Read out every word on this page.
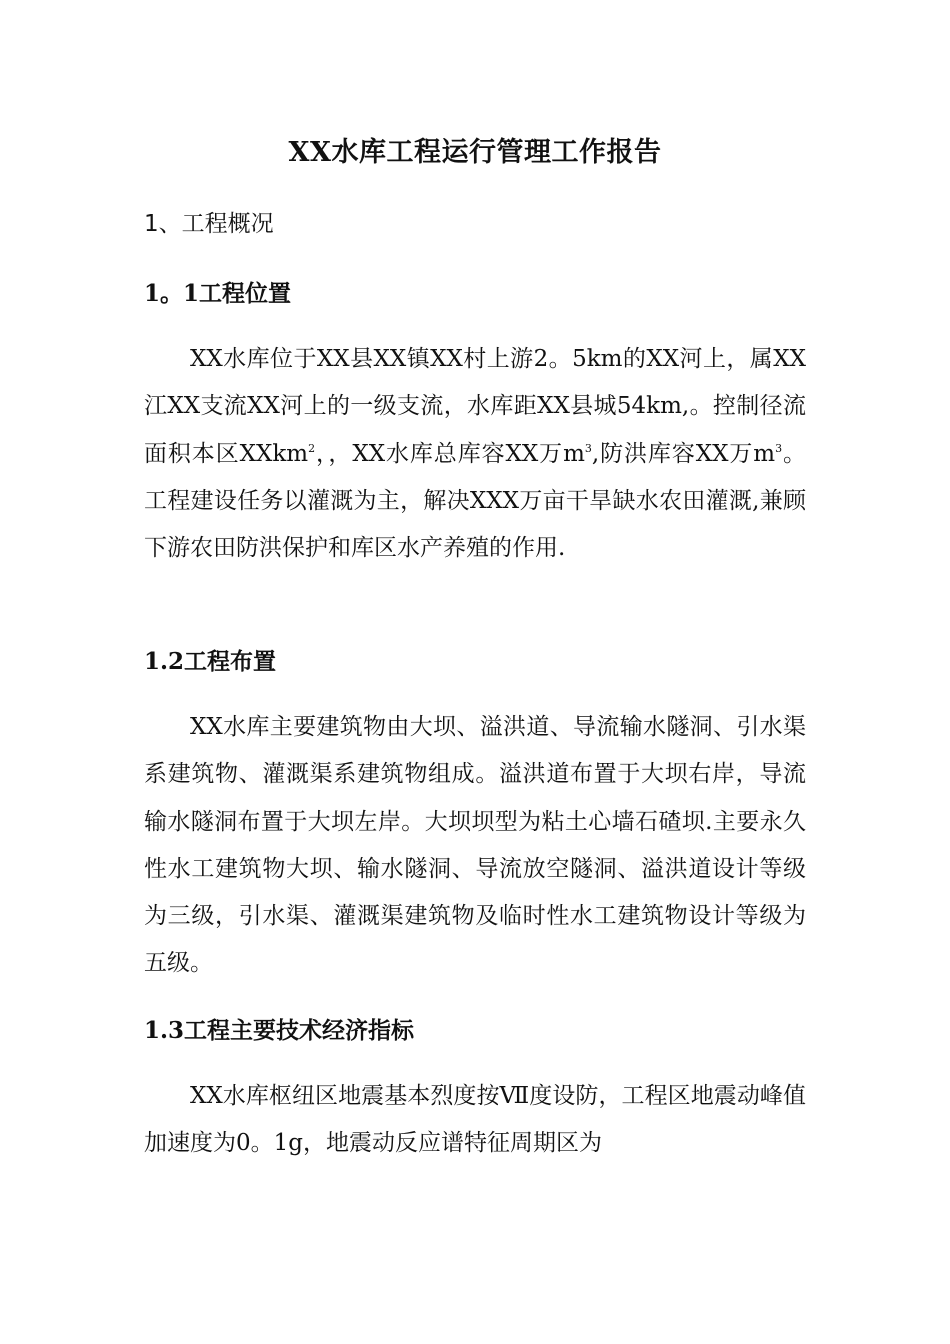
XX水库工程运行管理工作报告
1、工程概况
1。1工程位置

XX水库位于XX县XX镇XX村上游2。5km的XX河上，属XX江XX支流XX河上的一级支流，水库距XX县城54km,。控制径流面积本区XXkm$^2$，，XX水库总库容XX万$m^3$,防洪库容XX万$m^3$。工程建设任务以灌溉为主，解决XXX万亩干旱缺水农田灌溉,兼顾下游农田防洪保护和库区水产养殖的作用.

1.2工程布置

XX水库主要建筑物由大坝、溢洪道、导流输水隧洞、引水渠系建筑物、灌溉渠系建筑物组成。溢洪道布置于大坝右岸，导流输水隧洞布置于大坝左岸。大坝坝型为粘土心墙石碴坝.主要永久性水工建筑物大坝、输水隧洞、导流放空隧洞、溢洪道设计等级为三级，引水渠、灌溉渠建筑物及临时性水工建筑物设计等级为五级。

1.3工程主要技术经济指标

XX水库枢纽区地震基本烈度按Ⅶ度设防，工程区地震动峰值加速度为0。1g，地震动反应谱特征周期区为
